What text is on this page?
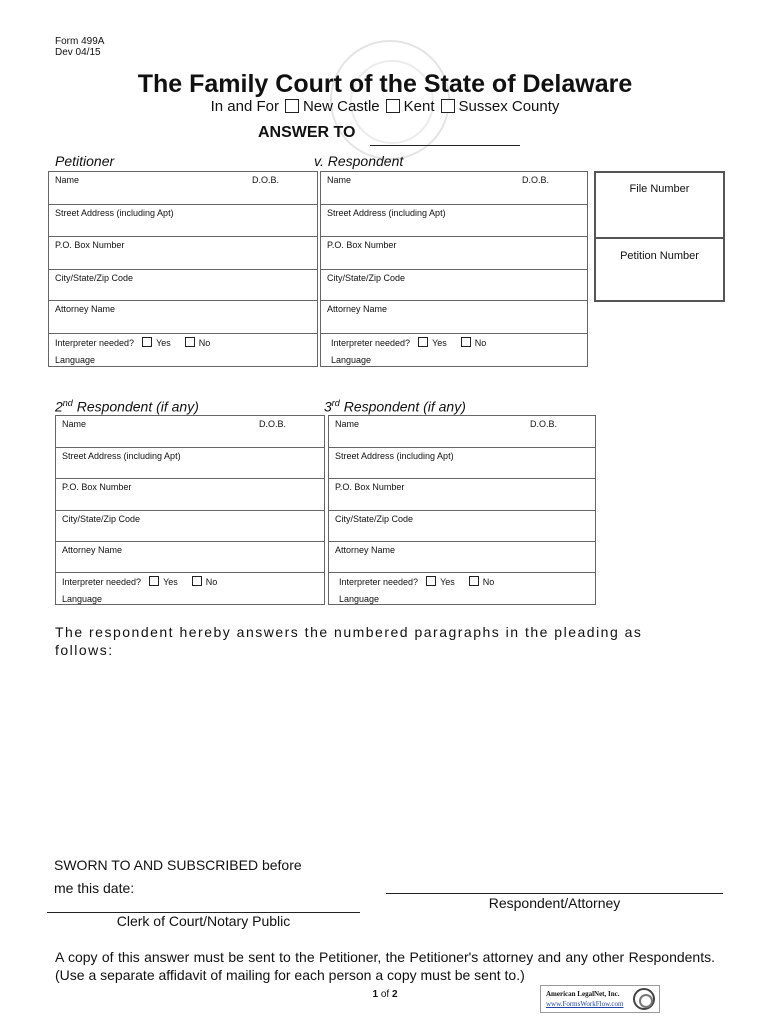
Form 499A
Dev 04/15
The Family Court of the State of Delaware
In and For New Castle Kent Sussex County
ANSWER TO
Petitioner	v. Respondent
Name	D.O.B.
Street Address (including Apt)
P.O. Box Number
City/State/Zip Code
Attorney Name
Interpreter needed? Yes	No
Language
Name	D.O.B.
Street Address (including Apt)
P.O. Box Number
City/State/Zip Code
Attorney Name
Interpreter needed? Yes	No
Language
File Number
Petition Number
2nd Respondent (if any)	3rd Respondent (if any)
Name	D.O.B.
Street Address (including Apt)
P.O. Box Number
City/State/Zip Code
Attorney Name
Interpreter needed? Yes	No
Language
Name	D.O.B.
Street Address (including Apt)
P.O. Box Number
City/State/Zip Code
Attorney Name
Interpreter needed? Yes	No
Language
The respondent hereby answers the numbered paragraphs in the pleading as follows:
SWORN TO AND SUBSCRIBED before
me this date:
Respondent/Attorney
Clerk of Court/Notary Public
A copy of this answer must be sent to the Petitioner, the Petitioner's attorney and any other Respondents. (Use a separate affidavit of mailing for each person a copy must be sent to.)
1 of 2	American LegalNet, Inc.
www.FormsWorkFlow.com
